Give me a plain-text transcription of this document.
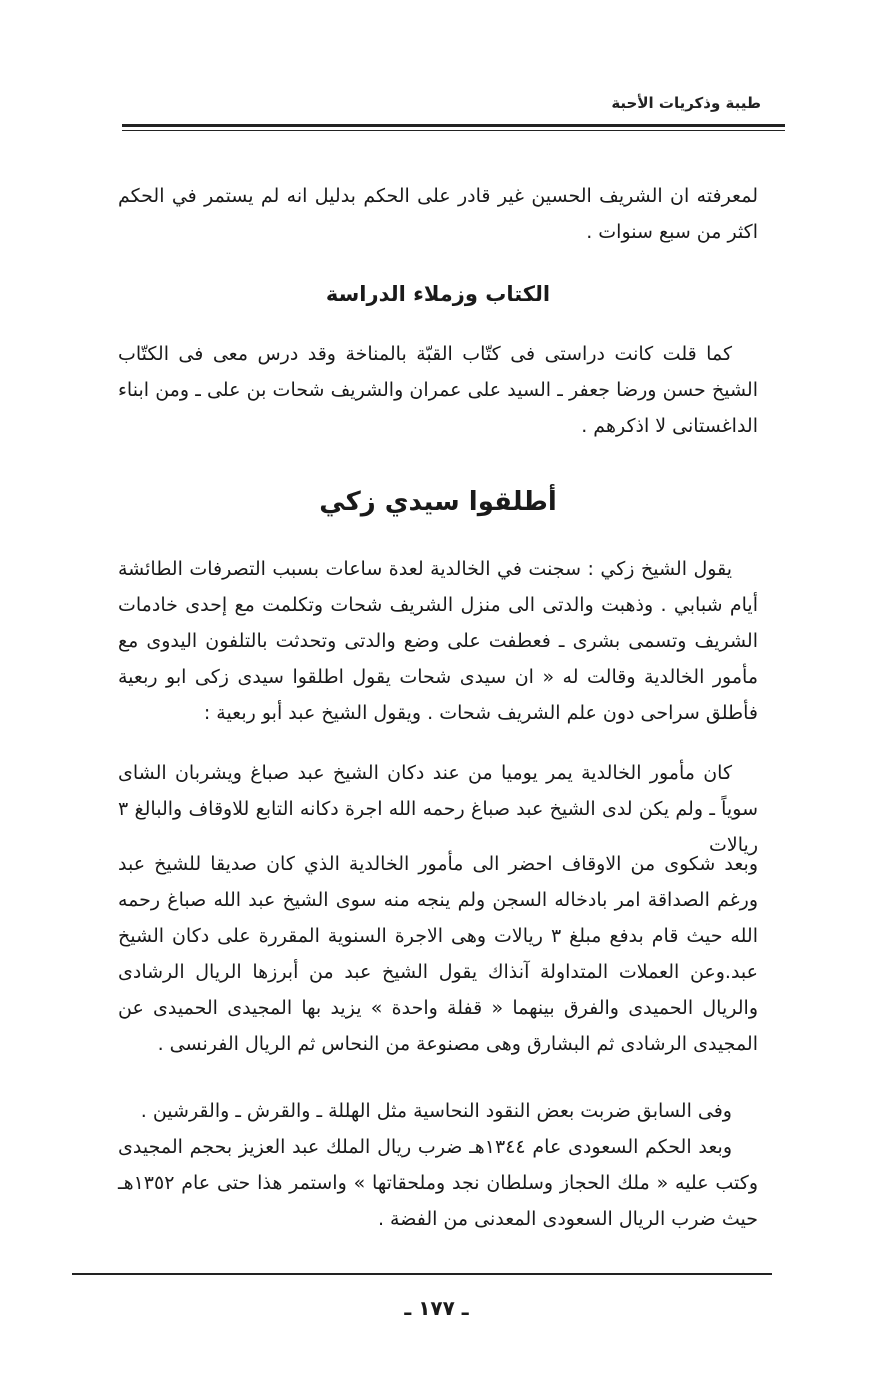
طيبة وذكريات الأحبة
لمعرفته ان الشريف الحسين غير قادر على الحكم بدليل انه لم يستمر في الحكم اكثر من سبع سنوات .
الكتاب وزملاء الدراسة
كما قلت كانت دراستى فى كتّاب القبّة بالمناخة وقد درس معى فى الكتّاب الشيخ حسن ورضا جعفر ـ السيد على عمران والشريف شحات بن على ـ ومن ابناء الداغستانى لا اذكرهم .
أطلقوا سيدي زكي
يقول الشيخ زكي : سجنت في الخالدية لعدة ساعات بسبب التصرفات الطائشة أيام شبابي . وذهبت والدتى الى منزل الشريف شحات وتكلمت مع إحدى خادمات الشريف وتسمى بشرى ـ فعطفت على وضع والدتى وتحدثت بالتلفون اليدوى مع مأمور الخالدية وقالت له « ان سيدى شحات يقول اطلقوا سيدى زكى ابو ربعية فأطلق سراحى دون علم الشريف شحات . ويقول الشيخ عبد أبو ربعية :
كان مأمور الخالدية يمر يوميا من عند دكان الشيخ عبد صباغ ويشربان الشاى سوياً ـ ولم يكن لدى الشيخ عبد صباغ رحمه الله اجرة دكانه التابع للاوقاف والبالغ ٣ ريالات
وبعد شكوى من الاوقاف احضر الى مأمور الخالدية الذي كان صديقا للشيخ عبد ورغم الصداقة امر بادخاله السجن ولم ينجه منه سوى الشيخ عبد الله صباغ رحمه الله حيث قام بدفع مبلغ ٣ ريالات وهى الاجرة السنوية المقررة على دكان الشيخ عبد.وعن العملات المتداولة آنذاك يقول الشيخ عبد من أبرزها الريال الرشادى والريال الحميدى والفرق بينهما « قفلة واحدة » يزيد بها المجيدى الحميدى عن المجيدى الرشادى ثم البشارق وهى مصنوعة من النحاس ثم الريال الفرنسى .
وفى السابق ضربت بعض النقود النحاسية مثل الهللة ـ والقرش ـ والقرشين .
وبعد الحكم السعودى عام ١٣٤٤هـ ضرب ريال الملك عبد العزيز بحجم المجيدى وكتب عليه « ملك الحجاز وسلطان نجد وملحقاتها » واستمر هذا حتى عام ١٣٥٢هـ حيث ضرب الريال السعودى المعدنى من الفضة .
ـ ١٧٧ ـ
